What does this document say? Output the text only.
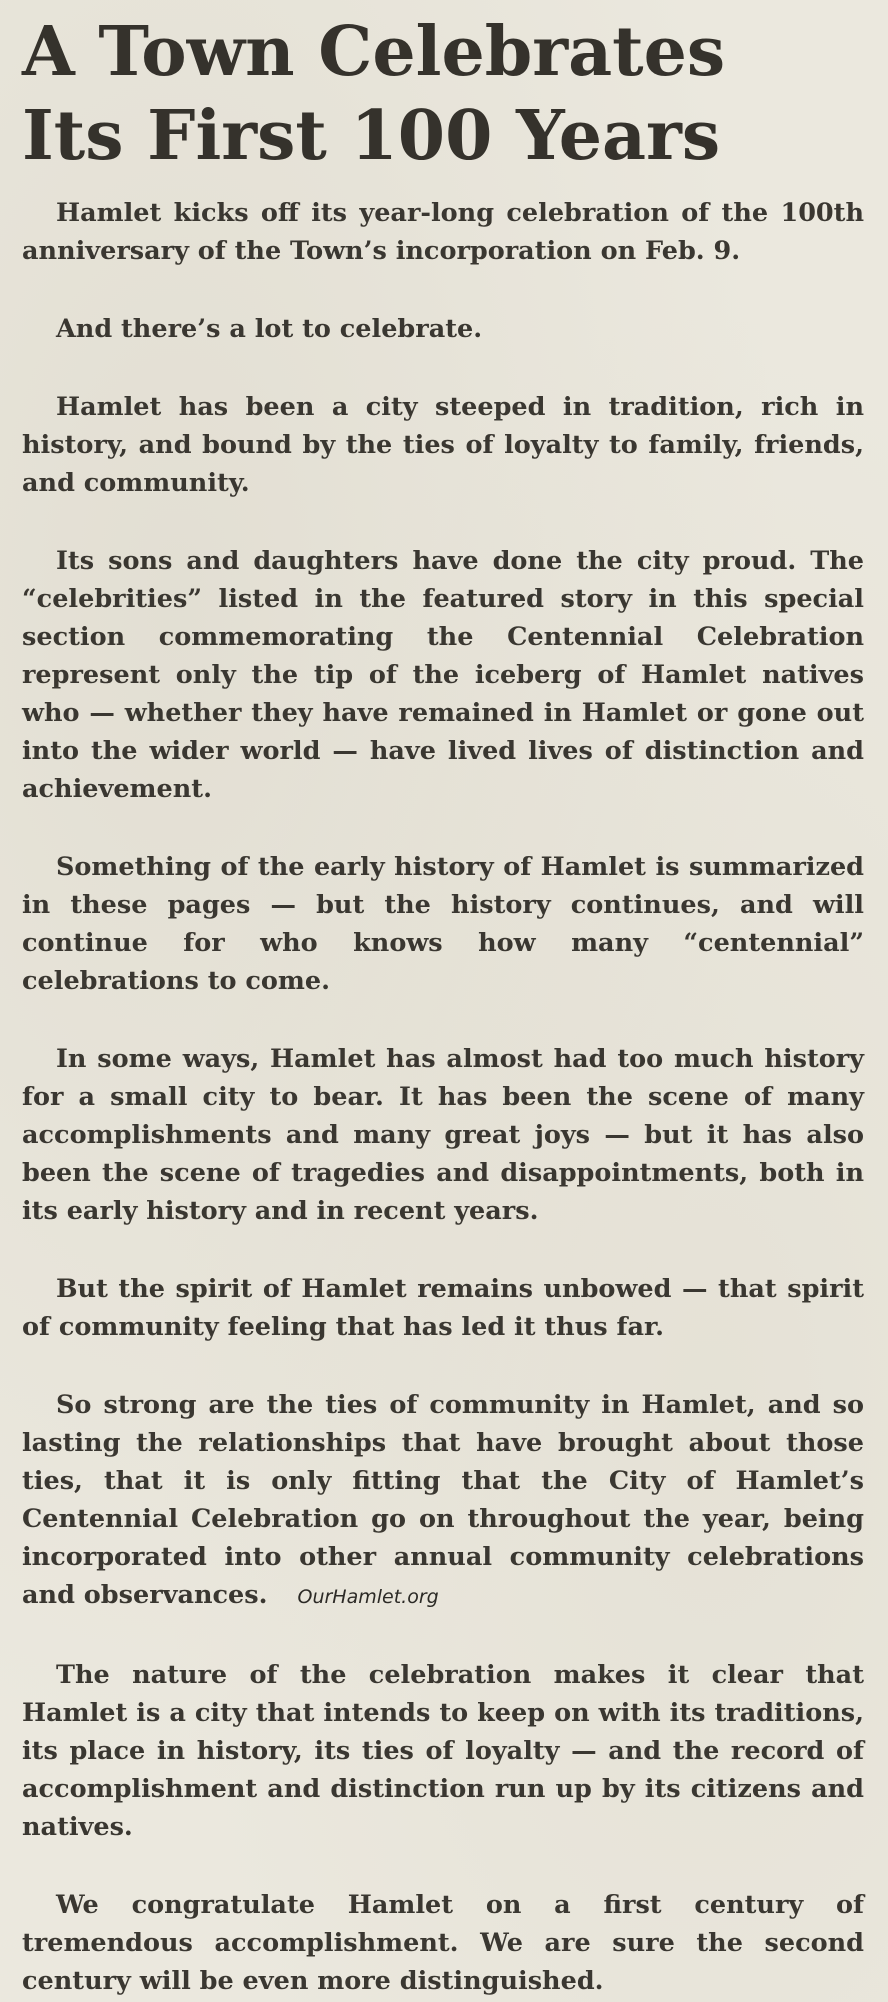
A Town Celebrates
Its First 100 Years

Hamlet kicks off its year-long celebration of the 100th anniversary of the Town’s incorporation on Feb. 9.

And there’s a lot to celebrate.

Hamlet has been a city steeped in tradition, rich in history, and bound by the ties of loyalty to family, friends, and community.

Its sons and daughters have done the city proud. The “celebrities” listed in the featured story in this special section commemorating the Centennial Celebration represent only the tip of the iceberg of Hamlet natives who — whether they have remained in Hamlet or gone out into the wider world — have lived lives of distinction and achievement.

Something of the early history of Hamlet is summarized in these pages — but the history continues, and will continue for who knows how many “centennial” celebrations to come.

In some ways, Hamlet has almost had too much history for a small city to bear. It has been the scene of many accomplishments and many great joys — but it has also been the scene of tragedies and disappointments, both in its early history and in recent years.

But the spirit of Hamlet remains unbowed — that spirit of community feeling that has led it thus far.

So strong are the ties of community in Hamlet, and so lasting the relationships that have brought about those ties, that it is only fitting that the City of Hamlet’s Centennial Celebration go on throughout the year, being incorporated into other annual community celebrations and observances. OurHamlet.org

The nature of the celebration makes it clear that Hamlet is a city that intends to keep on with its traditions, its place in history, its ties of loyalty — and the record of accomplishment and distinction run up by its citizens and natives.

We congratulate Hamlet on a first century of tremendous accomplishment. We are sure the second century will be even more distinguished.
